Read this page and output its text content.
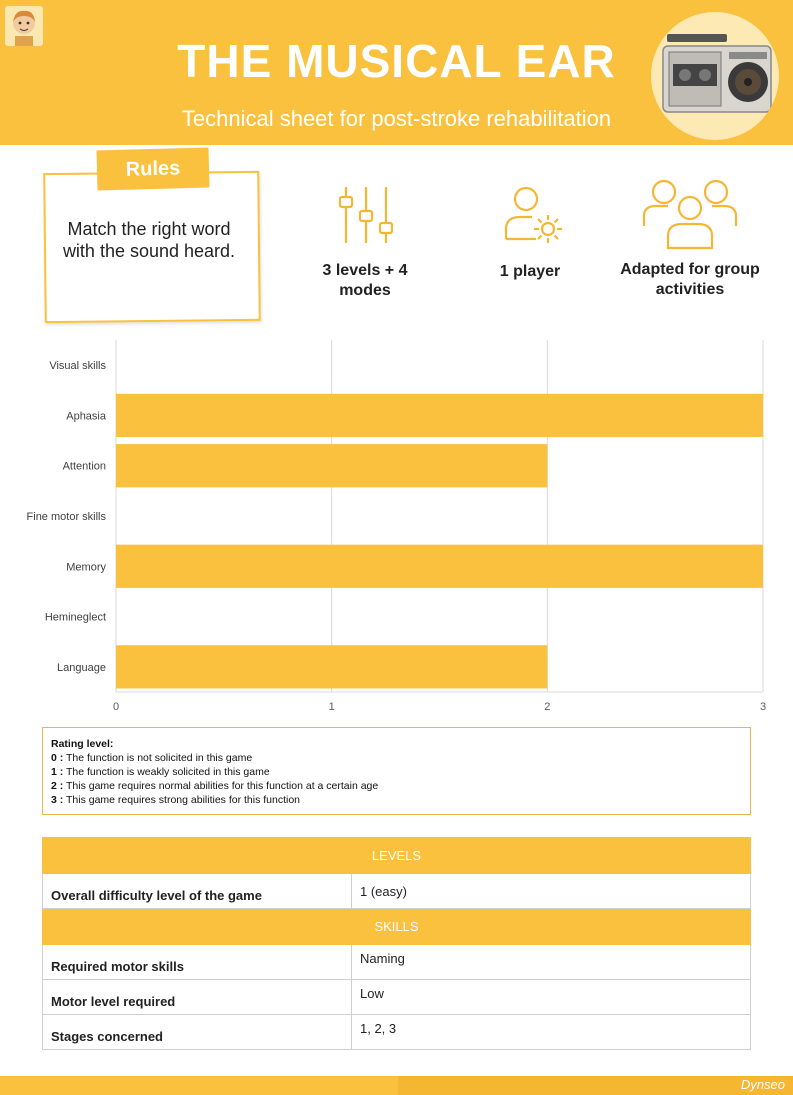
THE MUSICAL EAR
Technical sheet for post-stroke rehabilitation
Rules
Match the right word with the sound heard.
3 levels + 4 modes
1 player	Adapted for group activities
Visual skills
Aphasia
Attention
Fine motor skills
Memory
Hemineglect
Language
0	1	2	3
Rating level:
0 : The function is not solicited in this game
1 : The function is weakly solicited in this game
2 : This game requires normal abilities for this function at a certain age
3 : This game requires strong abilities for this function
LEVELS	
Overall difficulty level of the game	1 (easy)
SKILLS	
Required motor skills	Naming
Motor level required	Low
Stages concerned	1, 2, 3
Dynseo
